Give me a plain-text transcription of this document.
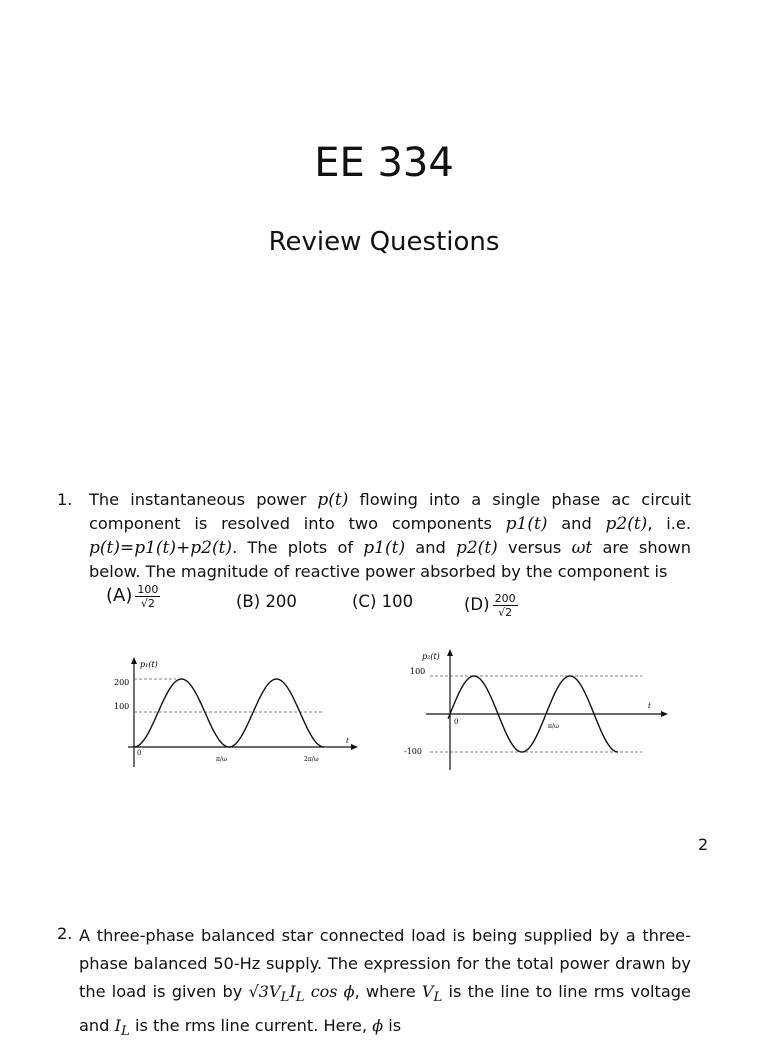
EE 334
Review Questions
1. The instantaneous power p(t) flowing into a single phase ac circuit component is resolved into two components p1(t) and p2(t), i.e. p(t)=p1(t)+p2(t). The plots of p1(t) and p2(t) versus ωt are shown below. The magnitude of reactive power absorbed by the component is
$(A) \frac{100}{√2}$	(B) 200	(C) 100	$(D) \frac{200}{√2}$
p₁(t)
200
100
0
t
π/ω	2π/ω
p₂(t)
100
-100
0
t
π/ω
2
2. A three-phase balanced star connected load is being supplied by a three-phase balanced 50-Hz supply. The expression for the total power drawn by the load is given by $√3V_LI_L$ cos ϕ, where $V_L$ is the line to line rms voltage and $I_L$ is the rms line current. Here, ϕ is
